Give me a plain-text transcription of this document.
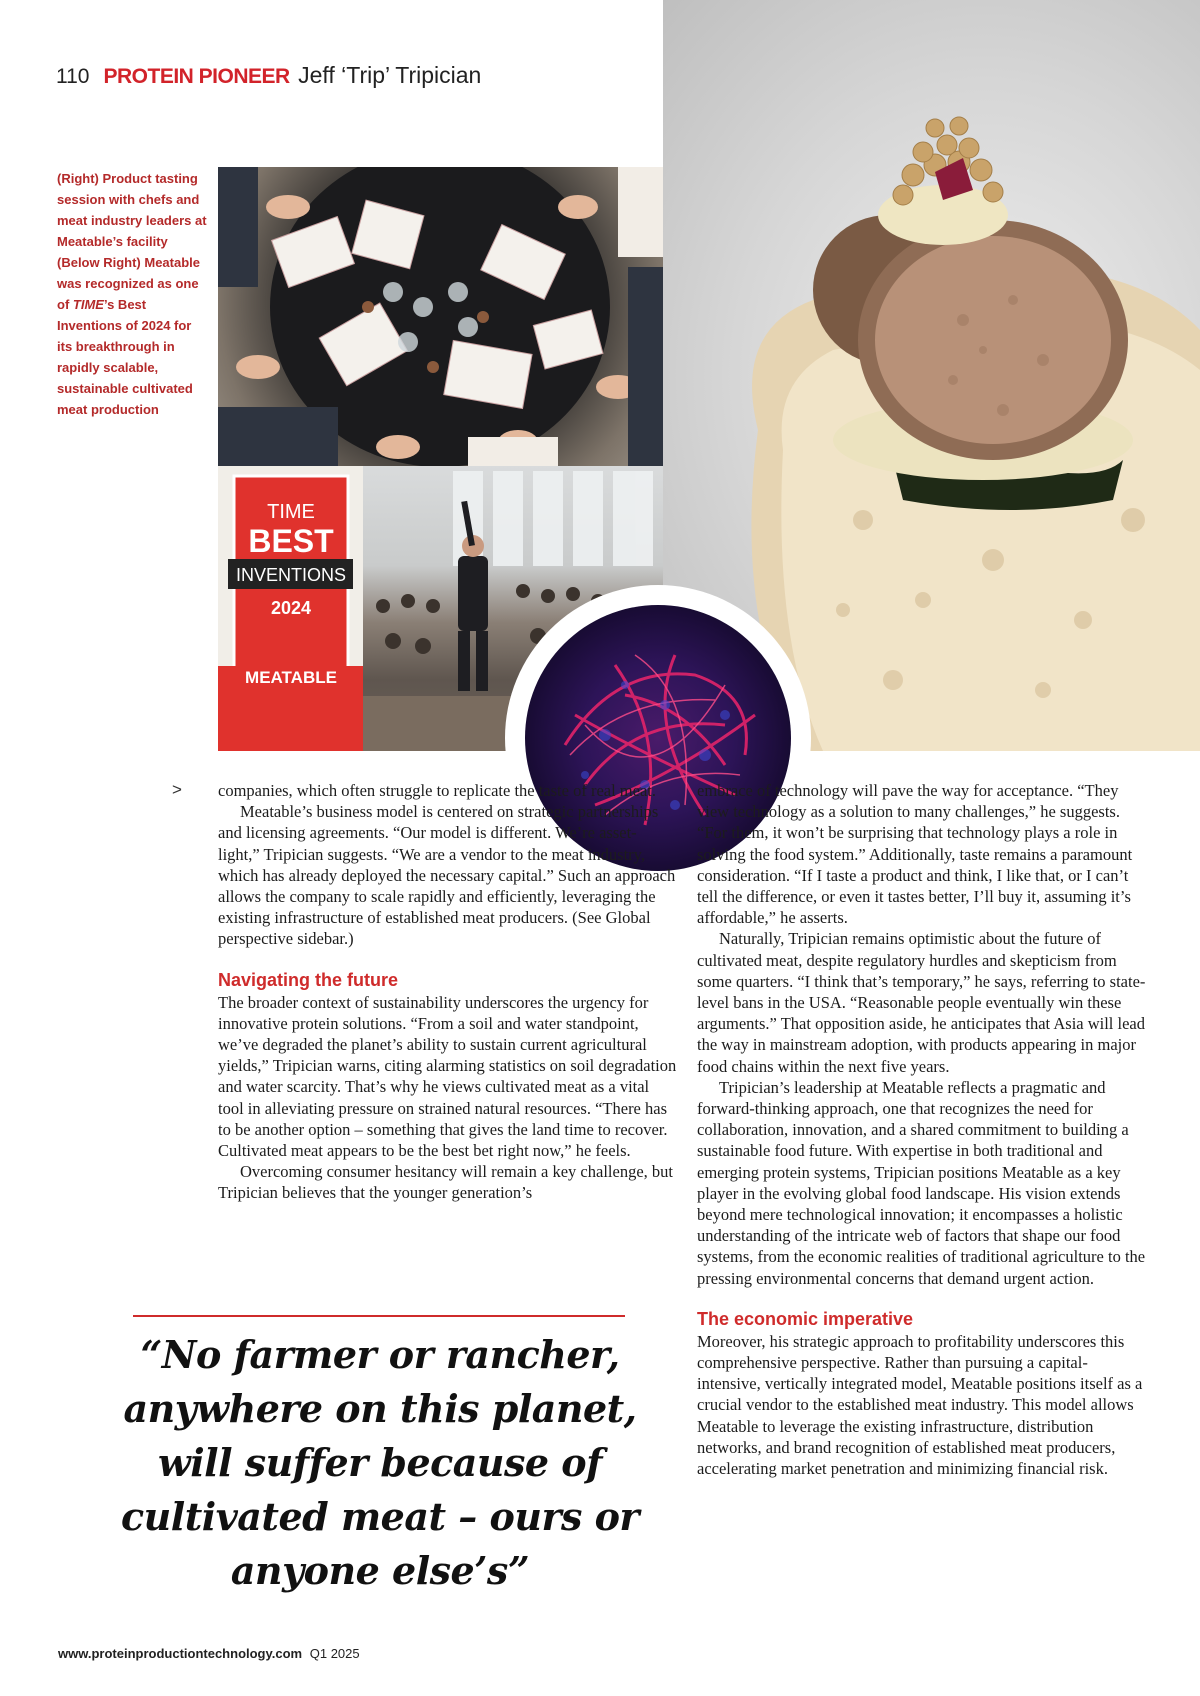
110 PROTEIN PIONEER Jeff ‘Trip’ Tripician

(Right) Product tasting session with chefs and meat industry leaders at Meatable’s facility

(Below Right) Meatable was recognized as one of TIME’s Best Inventions of 2024 for its breakthrough in rapidly scalable, sustainable cultivated meat production

TIME
BEST
INVENTIONS
2024
MEATABLE
> companies, which often struggle to replicate the taste of real meat.

Meatable’s business model is centered on strategic partnerships and licensing agreements. “Our model is different. We’re asset-light,” Tripician suggests. “We are a vendor to the meat industry, which has already deployed the necessary capital.” Such an approach allows the company to scale rapidly and efficiently, leveraging the existing infrastructure of established meat producers. (See Global perspective sidebar.)

Navigating the future

The broader context of sustainability underscores the urgency for innovative protein solutions. “From a soil and water standpoint, we’ve degraded the planet’s ability to sustain current agricultural yields,” Tripician warns, citing alarming statistics on soil degradation and water scarcity. That’s why he views cultivated meat as a vital tool in alleviating pressure on strained natural resources. “There has to be another option – something that gives the land time to recover. Cultivated meat appears to be the best bet right now,” he feels.

Overcoming consumer hesitancy will remain a key challenge, but Tripician believes that the younger generation’s

embrace of technology will pave the way for acceptance. “They view technology as a solution to many challenges,” he suggests. “For them, it won’t be surprising that technology plays a role in solving the food system.” Additionally, taste remains a paramount consideration. “If I taste a product and think, I like that, or I can’t tell the difference, or even it tastes better, I’ll buy it, assuming it’s affordable,” he asserts.

Naturally, Tripician remains optimistic about the future of cultivated meat, despite regulatory hurdles and skepticism from some quarters. “I think that’s temporary,” he says, referring to state-level bans in the USA. “Reasonable people eventually win these arguments.” That opposition aside, he anticipates that Asia will lead the way in mainstream adoption, with products appearing in major food chains within the next five years.

Tripician’s leadership at Meatable reflects a pragmatic and forward-thinking approach, one that recognizes the need for collaboration, innovation, and a shared commitment to building a sustainable food future. With expertise in both traditional and emerging protein systems, Tripician positions Meatable as a key player in the evolving global food landscape. His vision extends beyond mere technological innovation; it encompasses a holistic understanding of the intricate web of factors that shape our food systems, from the economic realities of traditional agriculture to the pressing environmental concerns that demand urgent action.

The economic imperative

Moreover, his strategic approach to profitability underscores this comprehensive perspective. Rather than pursuing a capital-intensive, vertically integrated model, Meatable positions itself as a crucial vendor to the established meat industry. This model allows Meatable to leverage the existing infrastructure, distribution networks, and brand recognition of established meat producers, accelerating market penetration and minimizing financial risk.

“No farmer or rancher, anywhere on this planet, will suffer because of cultivated meat – ours or anyone else’s”
www.proteinproductiontechnology.com Q1 2025
